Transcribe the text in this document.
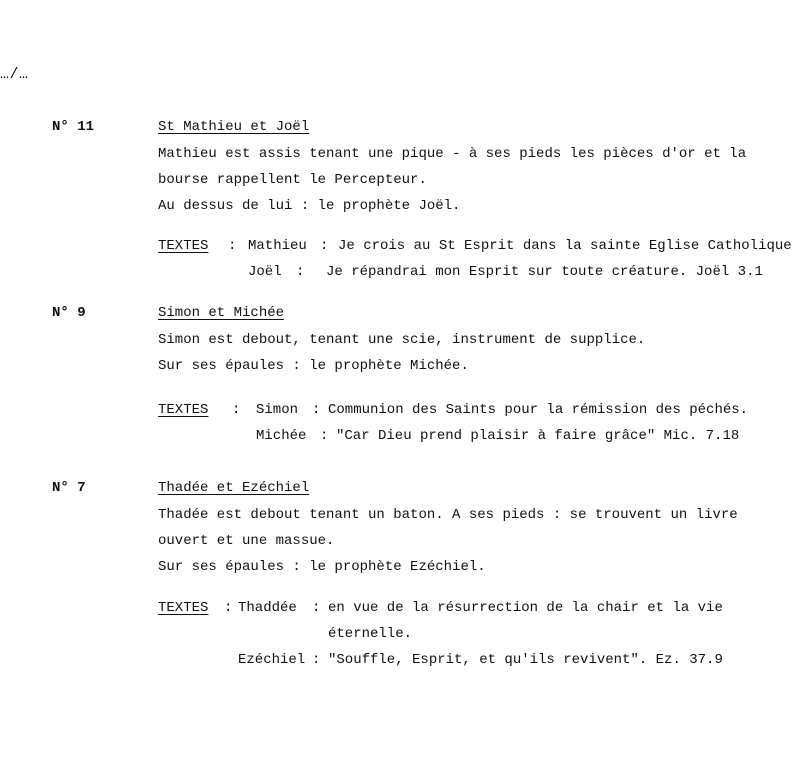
…/…
N° 11	St Mathieu et Joël
Mathieu est assis tenant une pique - à ses pieds les pièces d'or et la
bourse rappellent le Percepteur.
Au dessus de lui : le prophète Joël.
TEXTES	: Mathieu : Je crois au St Esprit dans la sainte Eglise Catholique
Joël : Je répandrai mon Esprit sur toute créature. Joël 3.1
N° 9	Simon et Michée
Simon est debout, tenant une scie, instrument de supplice.
Sur ses épaules : le prophète Michée.
TEXTES	: Simon : Communion des Saints pour la rémission des péchés.
Michée : "Car Dieu prend plaisir à faire grâce" Mic. 7.18
N° 7	Thadée et Ezéchiel
Thadée est debout tenant un baton. A ses pieds : se trouvent un livre
ouvert et une massue.
Sur ses épaules : le prophète Ezéchiel.
TEXTES	: Thaddée : en vue de la résurrection de la chair et la vie
éternelle.
Ezéchiel : "Souffle, Esprit, et qu'ils revivent". Ez. 37.9
